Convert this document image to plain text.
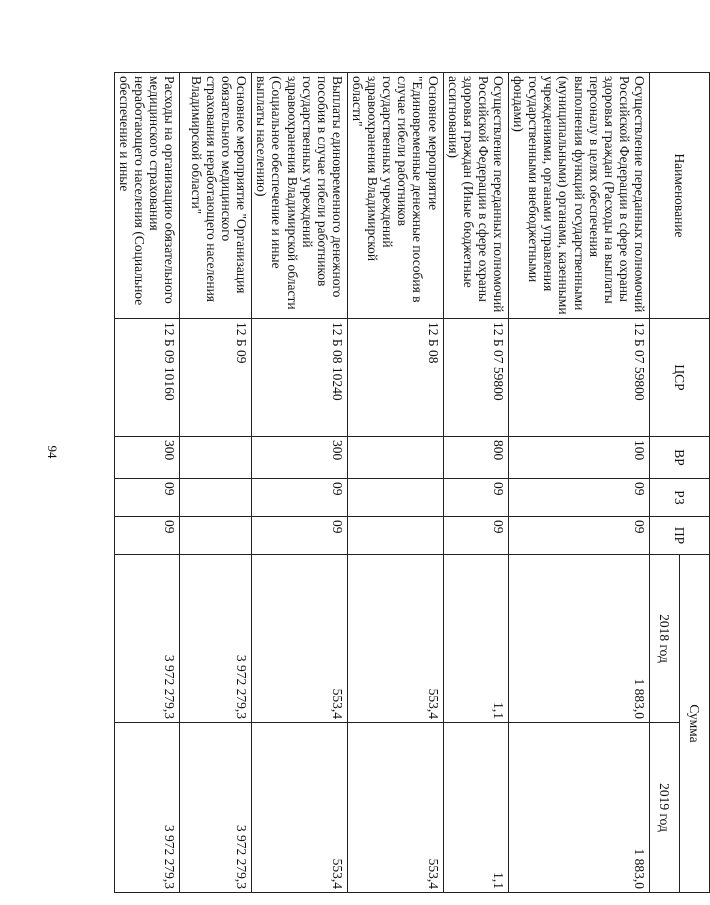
94
Наименование	ЦСР	ВР	РЗ	ПР	Сумма	
					2018 год	2019 год
Осуществление переданных полномочий Российской Федерации в сфере охраны здоровья граждан (Расходы на выплаты персоналу в целях обеспечения выполнения функций государственными (муниципальными) органами, казенными учреждениями, органами управления государственными внебюджетными фондами)	12 Б 07 59800	100	09	09	1 883,0	1 883,0
Осуществление переданных полномочий Российской Федерации в сфере охраны здоровья граждан (Иные бюджетные ассигнования)	12 Б 07 59800	800	09	09	1,1	1,1
Основное мероприятие "Единовременные денежные пособия в случае гибели работников государственных учреждений здравоохранения Владимирской области"	12 Б 08				553,4	553,4
Выплаты единовременного денежного пособия в случае гибели работников государственных учреждений здравоохранения Владимирской области (Социальное обеспечение и иные выплаты населению)	12 Б 08 10240	300	09	09	553,4	553,4
Основное мероприятие "Организация обязательного медицинского страхования неработающего населения Владимирской области"	12 Б 09				3 972 279,3	3 972 279,3
Расходы на организацию обязательного медицинского страхования неработающего населения (Социальное обеспечение и иные	12 Б 09 10160	300	09	09	3 972 279,3	3 972 279,3
